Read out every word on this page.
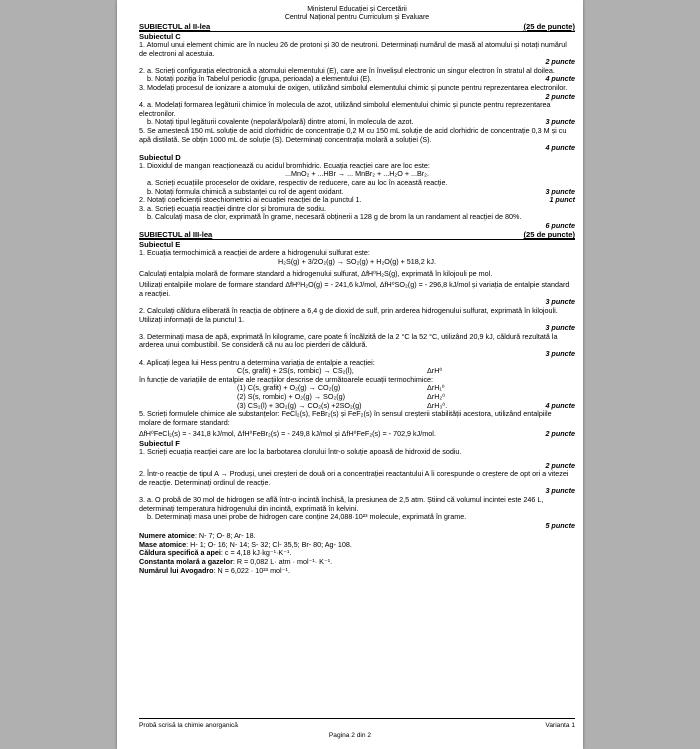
Ministerul Educației și Cercetării
Centrul Național pentru Curriculum și Evaluare
SUBIECTUL al II-lea	(25 de puncte)
Subiectul C
1. Atomul unui element chimic are în nucleu 26 de protoni și 30 de neutroni. Determinați numărul de masă al atomului și notați numărul de electroni al acestuia.
2 puncte
2. a. Scrieți configurația electronică a atomului elementului (E), care are în învelișul electronic un singur electron în stratul al doilea.
b. Notați poziția în Tabelul periodic (grupa, perioada) a elementului (E).	4 puncte
3. Modelați procesul de ionizare a atomului de oxigen, utilizând simbolul elementului chimic și puncte pentru reprezentarea electronilor.
2 puncte
4. a. Modelați formarea legăturii chimice în molecula de azot, utilizând simbolul elementului chimic și puncte pentru reprezentarea electronilor.
b. Notați tipul legăturii covalente (nepolară/polară) dintre atomi, în molecula de azot.	3 puncte
5. Se amestecă 150 mL soluție de acid clorhidric de concentrație 0,2 M cu 150 mL soluție de acid clorhidric de concentrație 0,3 M și cu apă distilată. Se obțin 1000 mL de soluție (S). Determinați concentrația molară a soluției (S).
4 puncte
Subiectul D
1. Dioxidul de mangan reacționează cu acidul bromhidric. Ecuația reacției care are loc este:
...MnO₂ + ...HBr → ... MnBr₂ + ...H₂O + ...Br₂.
a. Scrieți ecuațiile proceselor de oxidare, respectiv de reducere, care au loc în această reacție.
b. Notați formula chimică a substanței cu rol de agent oxidant.	3 puncte
2. Notați coeficienții stoechiometrici ai ecuației reacției de la punctul 1.	1 punct
3. a. Scrieți ecuația reacției dintre clor și bromura de sodiu.
b. Calculați masa de clor, exprimată în grame, necesară obținerii a 128 g de brom la un randament al reacției de 80%.
6 puncte
SUBIECTUL al III-lea	(25 de puncte)
Subiectul E
1. Ecuația termochimică a reacției de ardere a hidrogenului sulfurat este:
H₂S(g) + 3/2O₂(g) → SO₂(g) + H₂O(g) + 518,2 kJ.
Calculați entalpia molară de formare standard a hidrogenului sulfurat, ΔfH⁰H₂S(g), exprimată în kilojouli pe mol.
Utilizați entalpiile molare de formare standard ΔfH⁰H₂O(g) = - 241,6 kJ/mol, ΔfH⁰SO₂(g) = - 296,8 kJ/mol și variația de entalpie standard a reacției.
3 puncte
2. Calculați căldura eliberată în reacția de obținere a 6,4 g de dioxid de sulf, prin arderea hidrogenului sulfurat, exprimată în kilojouli. Utilizați informații de la punctul 1.
3 puncte
3. Determinați masa de apă, exprimată în kilograme, care poate fi încălzită de la 2 °C la 52 °C, utilizând 20,9 kJ, căldură rezultată la arderea unui combustibil. Se consideră că nu au loc pierderi de căldură.
3 puncte
4. Aplicați legea lui Hess pentru a determina variația de entalpie a reacției:
C(s, grafit) + 2S(s, rombic) → CS₂(l),	ΔrH⁰
în funcție de variațiile de entalpie ale reacțiilor descrise de următoarele ecuații termochimice:
(1) C(s, grafit) + O₂(g) → CO₂(g)	ΔrH₁⁰
(2) S(s, rombic) + O₂(g) → SO₂(g)	ΔrH₂⁰
(3) CS₂(l) + 3O₂(g) → CO₂(s) +2SO₂(g)	ΔrH₃⁰.	4 puncte
5. Scrieți formulele chimice ale substanțelor: FeCl₂(s), FeBr₂(s) și FeF₂(s) în sensul creșterii stabilității acestora, utilizând entalpiile molare de formare standard:
ΔfH⁰FeCl₂(s) = - 341,8 kJ/mol, ΔfH⁰FeBr₂(s) = - 249,8 kJ/mol și ΔfH⁰FeF₂(s) = - 702,9 kJ/mol.	2 puncte
Subiectul F
1. Scrieți ecuația reacției care are loc la barbotarea clorului într-o soluție apoasă de hidroxid de sodiu.
2 puncte
2. Într-o reacție de tipul A → Produși, unei creșteri de două ori a concentrației reactantului A îi corespunde o creștere de opt ori a vitezei de reacție. Determinați ordinul de reacție.
3 puncte
3. a. O probă de 30 mol de hidrogen se află într-o incintă închisă, la presiunea de 2,5 atm. Știind că volumul incintei este 246 L, determinați temperatura hidrogenului din incintă, exprimată în kelvini.
b. Determinați masa unei probe de hidrogen care conține 24,088·10²³ molecule, exprimată în grame.
5 puncte
Numere atomice: N- 7; O- 8; Ar- 18.
Mase atomice: H- 1; O- 16; N- 14; S- 32; Cl- 35,5; Br- 80; Ag- 108.
Căldura specifică a apei: c = 4,18 kJ·kg⁻¹·K⁻¹.
Constanta molară a gazelor: R = 0,082 L· atm · mol⁻¹· K⁻¹.
Numărul lui Avogadro: N = 6,022 · 10²³ mol⁻¹.
Probă scrisă la chimie anorganică	Varianta 1
Pagina 2 din 2
